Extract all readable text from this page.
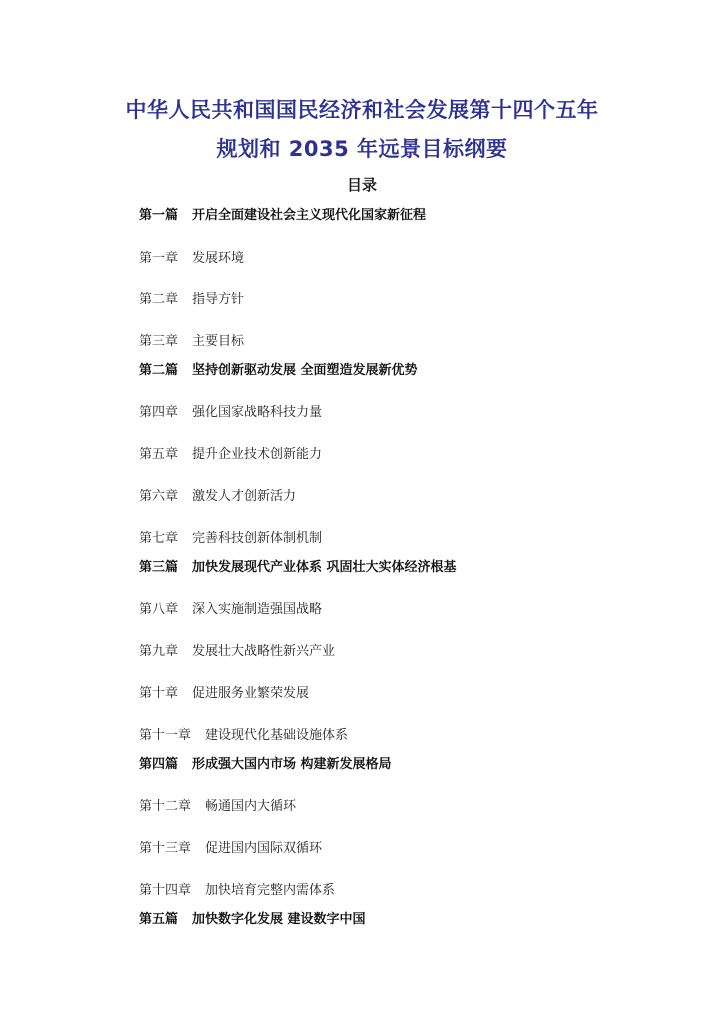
中华人民共和国国民经济和社会发展第十四个五年
规划和 2035 年远景目标纲要
目录
第一篇 开启全面建设社会主义现代化国家新征程
第一章 发展环境
第二章 指导方针
第三章 主要目标
第二篇 坚持创新驱动发展 全面塑造发展新优势
第四章 强化国家战略科技力量
第五章 提升企业技术创新能力
第六章 激发人才创新活力
第七章 完善科技创新体制机制
第三篇 加快发展现代产业体系 巩固壮大实体经济根基
第八章 深入实施制造强国战略
第九章 发展壮大战略性新兴产业
第十章 促进服务业繁荣发展
第十一章 建设现代化基础设施体系
第四篇 形成强大国内市场 构建新发展格局
第十二章 畅通国内大循环
第十三章 促进国内国际双循环
第十四章 加快培育完整内需体系
第五篇 加快数字化发展 建设数字中国
